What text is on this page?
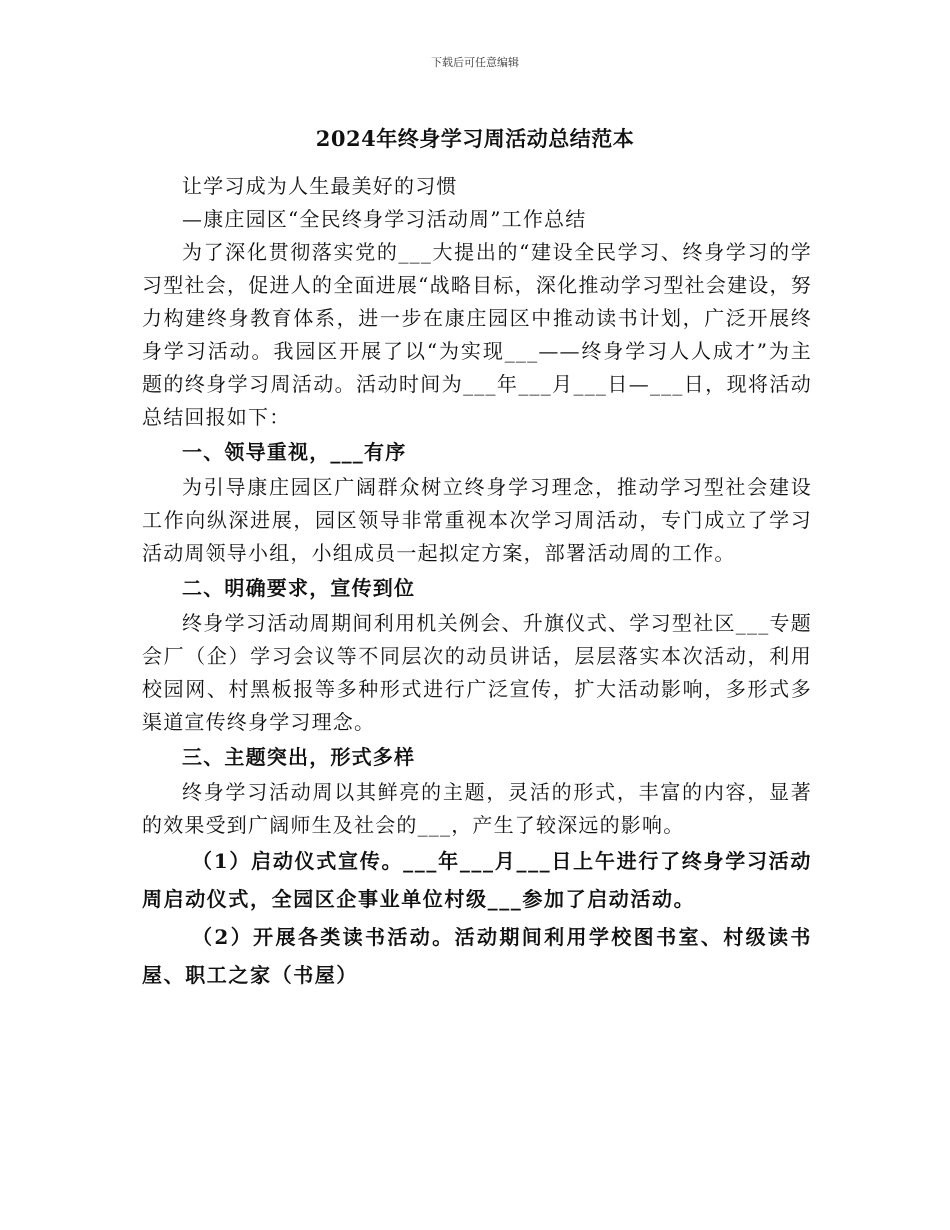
下载后可任意编辑
2024年终身学习周活动总结范本

让学习成为人生最美好的习惯

—康庄园区“全民终身学习活动周”工作总结

为了深化贯彻落实党的___大提出的“建设全民学习、终身学习的学习型社会，促进人的全面进展“战略目标，深化推动学习型社会建设，努力构建终身教育体系，进一步在康庄园区中推动读书计划，广泛开展终身学习活动。我园区开展了以“为实现___——终身学习人人成才”为主题的终身学习周活动。活动时间为___年___月___日—___日，现将活动总结回报如下：

一、领导重视，___有序

为引导康庄园区广阔群众树立终身学习理念，推动学习型社会建设工作向纵深进展，园区领导非常重视本次学习周活动，专门成立了学习活动周领导小组，小组成员一起拟定方案，部署活动周的工作。

二、明确要求，宣传到位

终身学习活动周期间利用机关例会、升旗仪式、学习型社区___专题会厂（企）学习会议等不同层次的动员讲话，层层落实本次活动，利用校园网、村黑板报等多种形式进行广泛宣传，扩大活动影响，多形式多渠道宣传终身学习理念。

三、主题突出，形式多样

终身学习活动周以其鲜亮的主题，灵活的形式，丰富的内容，显著的效果受到广阔师生及社会的___，产生了较深远的影响。

（1）启动仪式宣传。___年___月___日上午进行了终身学习活动周启动仪式，全园区企事业单位村级___参加了启动活动。

（2）开展各类读书活动。活动期间利用学校图书室、村级读书屋、职工之家（书屋）
